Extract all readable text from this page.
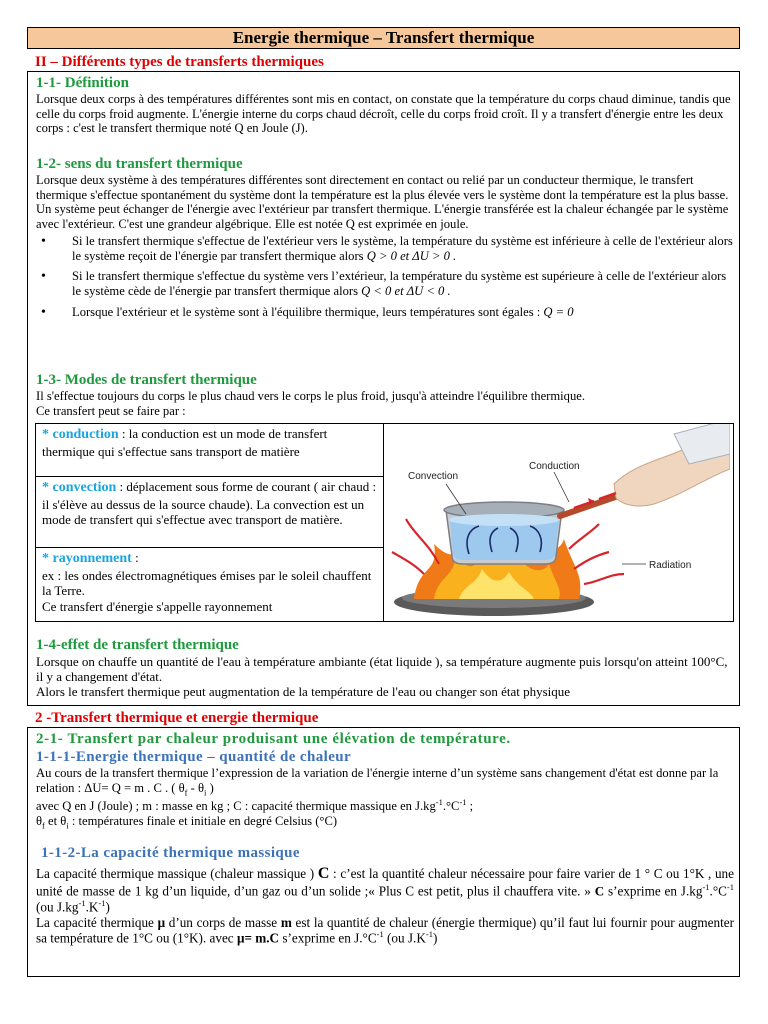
Energie thermique – Transfert thermique
II – Différents types de transferts thermiques
1-1- Définition

Lorsque deux corps à des températures différentes sont mis en contact, on constate que la température du corps chaud diminue, tandis que celle du corps froid augmente. L'énergie interne du corps chaud décroît, celle du corps froid croît. Il y a transfert d'énergie entre les deux corps : c'est le transfert thermique noté Q en Joule (J).

1-2- sens du transfert thermique

Lorsque deux système à des températures différentes sont directement en contact ou relié par un conducteur thermique, le transfert thermique s'effectue spontanément du système dont la température est la plus élevée vers le système dont la température est la plus basse.

Un système peut échanger de l'énergie avec l'extérieur par transfert thermique. L'énergie transférée est la chaleur échangée par le système avec l'extérieur. C'est une grandeur algébrique. Elle est notée Q est exprimée en joule.

• Si le transfert thermique s'effectue de l'extérieur vers le système, la température du système est inférieure à celle de l'extérieur alors le système reçoit de l'énergie par transfert thermique alors Q > 0 et ΔU > 0 .
• Si le transfert thermique s'effectue du système vers l’extérieur, la température du système est supérieure à celle de l'extérieur alors le système cède de l'énergie par transfert thermique alors Q < 0 et ΔU < 0 .
• Lorsque l'extérieur et le système sont à l'équilibre thermique, leurs températures sont égales : Q = 0
1-3- Modes de transfert thermique

Il s'effectue toujours du corps le plus chaud vers le corps le plus froid, jusqu'à atteindre l'équilibre thermique.

Ce transfert peut se faire par :

* conduction : la conduction est un mode de transfert thermique qui s'effectue sans transport de matière	
Convection
Conduction
Radiation

* convection : déplacement sous forme de courant ( air chaud : il s'élève au dessus de la source chaude). La convection est un mode de transfert qui s'effectue avec transport de matière.
* rayonnement :
ex : les ondes électromagnétiques émises par le soleil chauffent la Terre.
Ce transfert d'énergie s'appelle rayonnement
1-4-effet de transfert thermique

Lorsque on chauffe un quantité de l'eau à température ambiante (état liquide ), sa température augmente puis lorsqu'on atteint 100°C, il y a changement d'état.

Alors le transfert thermique peut augmentation de la température de l'eau ou changer son état physique

2 -Transfert thermique et energie thermique
2-1- Transfert par chaleur produisant une élévation de température.
1-1-1-Energie thermique – quantité de chaleur

Au cours de la transfert thermique l’expression de la variation de l'énergie interne d’un système sans changement d'état est donne par la relation : ΔU= Q = m . C . ( $\theta_f - \theta_i$ )

avec Q en J (Joule) ; m : masse en kg ; C : capacité thermique massique en $J.kg^{-1}.^\circ C^{-1}$ ;

$\theta_f$ et $\theta_i$ : températures finale et initiale en degré Celsius (°C)

1-1-2-La capacité thermique massique

La capacité thermique massique (chaleur massique ) C : c’est la quantité chaleur nécessaire pour faire varier de 1 ° C ou 1°K , une unité de masse de 1 kg d’un liquide, d’un gaz ou d’un solide ;« Plus C est petit, plus il chauffera vite. » C s’exprime en $J.kg^{-1}.^\circ C^{-1}$ (ou $J.kg^{-1}.K^{-1}$)

La capacité thermique μ d’un corps de masse m est la quantité de chaleur (énergie thermique) qu’il faut lui fournir pour augmenter sa température de 1°C ou (1°K). avec μ= m.C s’exprime en $J.^\circ C^{-1}$ (ou $J.K^{-1}$)
